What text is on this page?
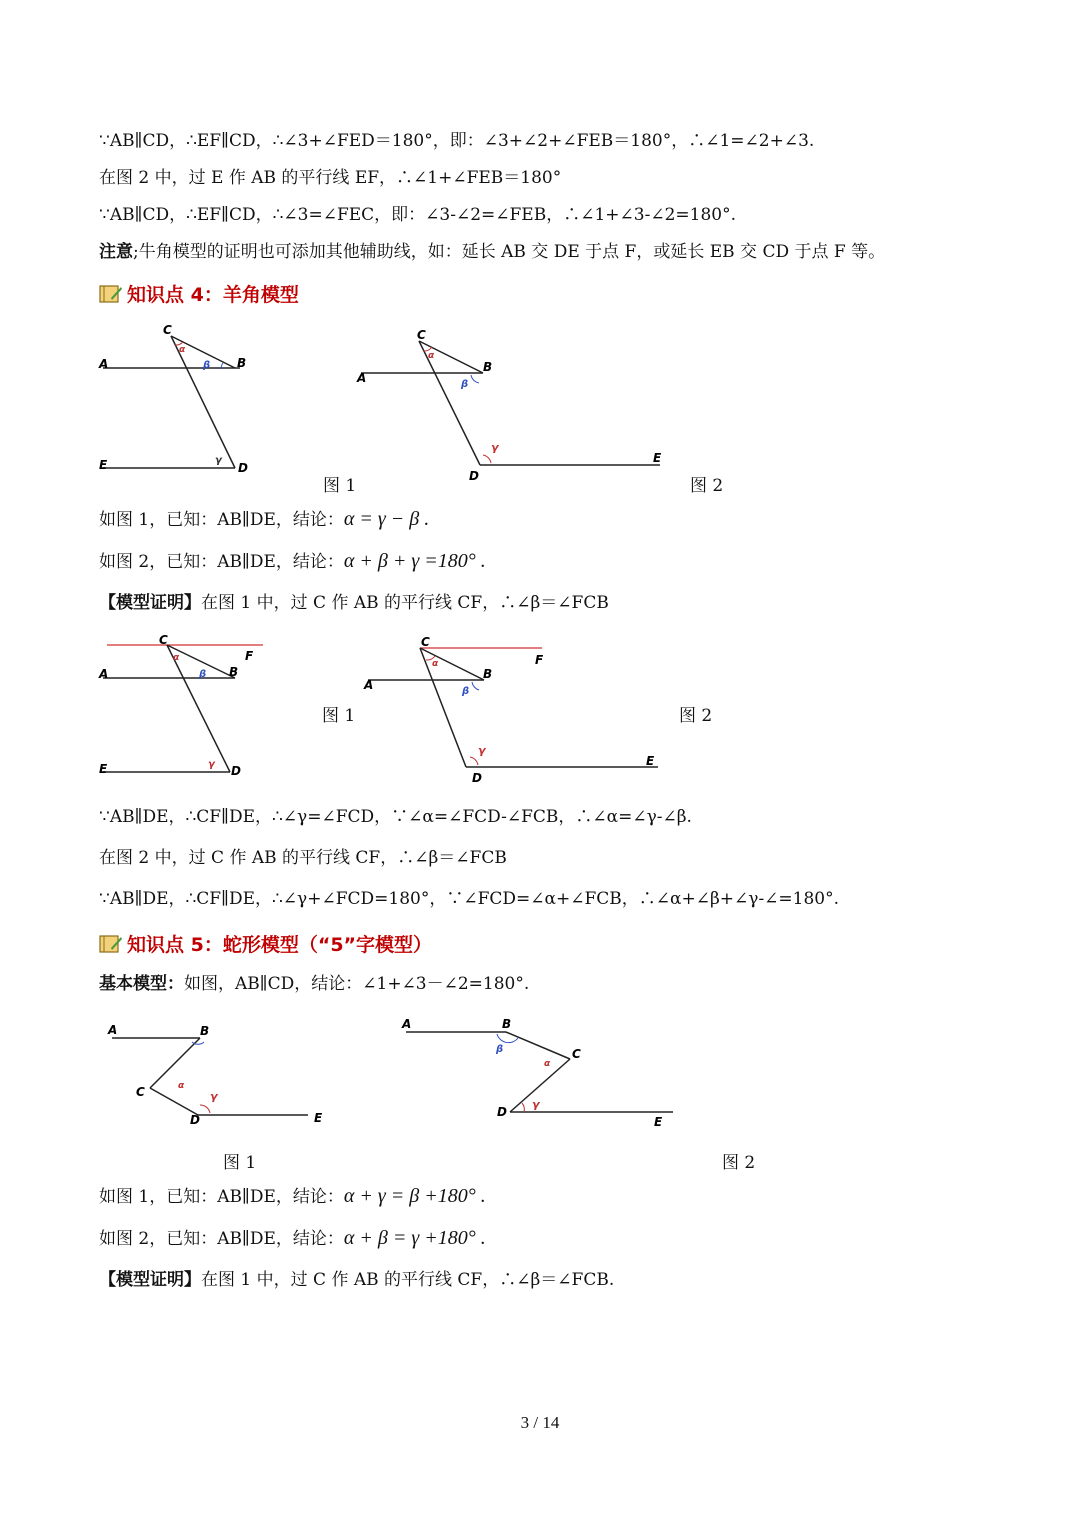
∵AB∥CD，∴EF∥CD，∴∠3+∠FED＝180°，即：∠3+∠2+∠FEB＝180°，∴∠1=∠2+∠3.
在图 2 中，过 E 作 AB 的平行线 EF，∴∠1+∠FEB＝180°
∵AB∥CD，∴EF∥CD，∴∠3=∠FEC，即：∠3-∠2=∠FEB，∴∠1+∠3-∠2=180°.
注意;牛角模型的证明也可添加其他辅助线，如：延长 AB 交 DE 于点 F，或延长 EB 交 CD 于点 F 等。
知识点 4：羊角模型
α
β
γ
C
A	B
E	D
图 1
α
β
γ
C
A
B
D
E
图 2
如图 1，已知：AB∥DE，结论：α = γ − β .
如图 2，已知：AB∥DE，结论：α + β + γ =180° .
【模型证明】在图 1 中，过 C 作 AB 的平行线 CF，∴∠β＝∠FCB
α
β
γ
C
A	B
F
E	D
图 1
α
β
γ
C
A
B
F
D
E
图 2
∵AB∥DE，∴CF∥DE，∴∠γ=∠FCD，∵∠α=∠FCD-∠FCB，∴∠α=∠γ-∠β.
在图 2 中，过 C 作 AB 的平行线 CF，∴∠β＝∠FCB
∵AB∥DE，∴CF∥DE，∴∠γ+∠FCD=180°，∵∠FCD=∠α+∠FCB，∴∠α+∠β+∠γ-∠=180°.
知识点 5：蛇形模型（“5”字模型）
基本模型：如图，AB∥CD，结论：∠1+∠3－∠2=180°.
α
γ
A	B
C
D	E
图 1
β
α
γ
A	B
C
D
E
图 2
如图 1，已知：AB∥DE，结论：α + γ = β +180° .
如图 2，已知：AB∥DE，结论：α + β = γ +180° .
【模型证明】在图 1 中，过 C 作 AB 的平行线 CF，∴∠β＝∠FCB.
3 / 14
